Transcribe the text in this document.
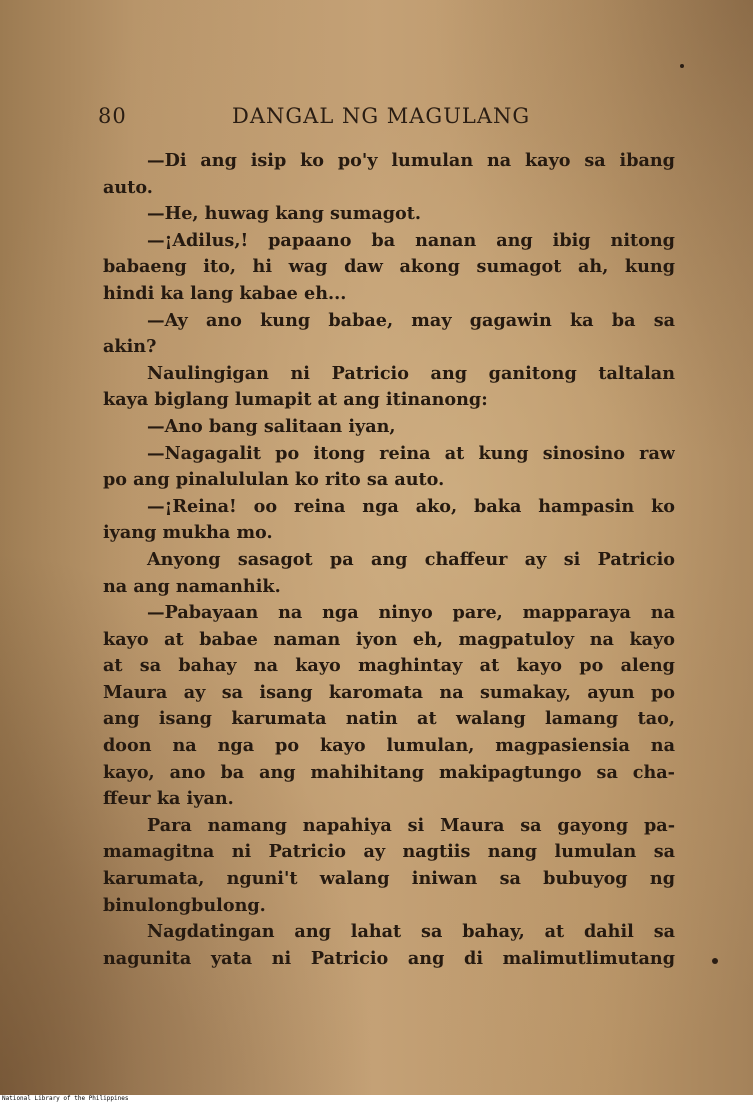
80	DANGAL NG MAGULANG
—Di ang isip ko po'y lumulan na kayo sa ibang
auto.
—He, huwag kang sumagot.
—¡Adilus,! papaano ba nanan ang ibig nitong
babaeng ito, hi wag daw akong sumagot ah, kung
hindi ka lang kabae eh...
—Ay ano kung babae, may gagawin ka ba sa
akin?
Naulingigan ni Patricio ang ganitong taltalan
kaya biglang lumapit at ang itinanong:
—Ano bang salitaan iyan,
—Nagagalit po itong reina at kung sinosino raw
po ang pinalululan ko rito sa auto.
—¡Reina! oo reina nga ako, baka hampasin ko
iyang mukha mo.
Anyong sasagot pa ang chaffeur ay si Patricio
na ang namanhik.
—Pabayaan na nga ninyo pare, mapparaya na
kayo at babae naman iyon eh, magpatuloy na kayo
at sa bahay na kayo maghintay at kayo po aleng
Maura ay sa isang karomata na sumakay, ayun po
ang isang karumata natin at walang lamang tao,
doon na nga po kayo lumulan, magpasiensia na
kayo, ano ba ang mahihitang makipagtungo sa cha-
ffeur ka iyan.
Para namang napahiya si Maura sa gayong pa-
mamagitna ni Patricio ay nagtiis nang lumulan sa
karumata, nguni't walang iniwan sa bubuyog ng
binulongbulong.
Nagdatingan ang lahat sa bahay, at dahil sa
nagunita yata ni Patricio ang di malimutlimutang
National Library of the Philippines
